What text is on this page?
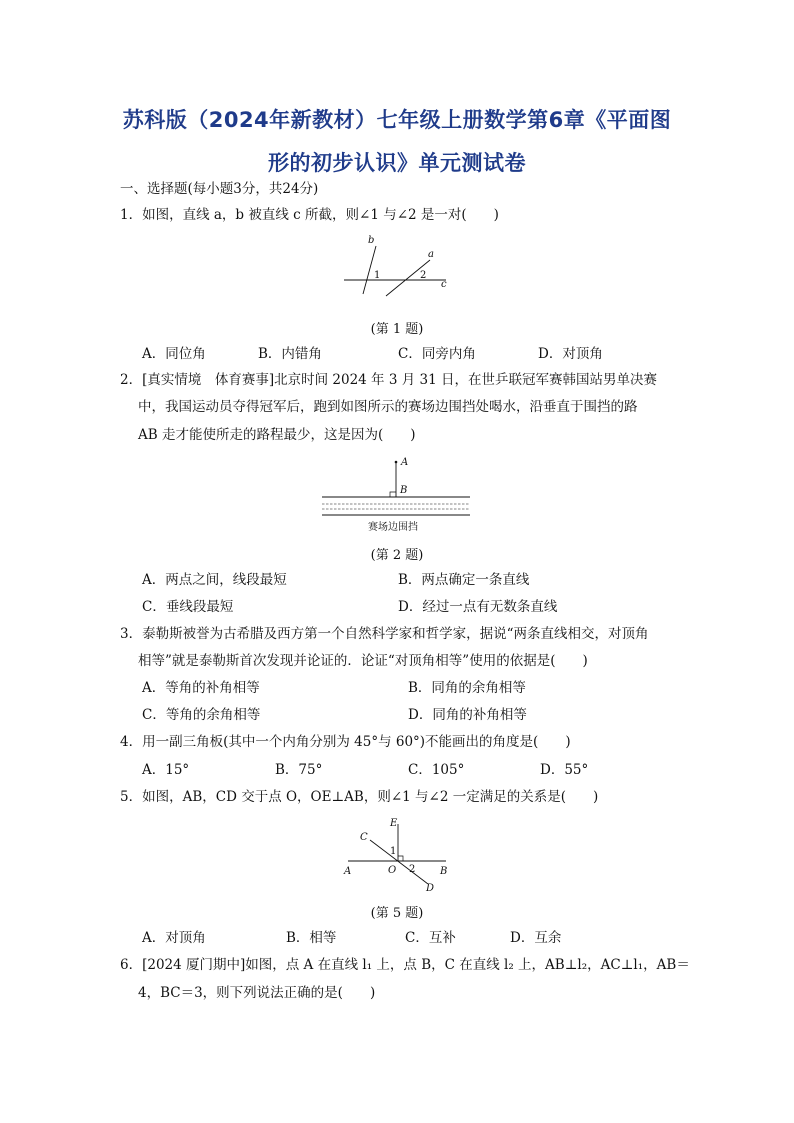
苏科版（2024年新教材）七年级上册数学第6章《平面图
形的初步认识》单元测试卷
一、选择题(每小题3分，共24分)
1．如图，直线 a，b 被直线 c 所截，则∠1 与∠2 是一对(　　)
b
a
c
1	2
(第 1 题)
A．同位角	B．内错角	C．同旁内角	D．对顶角
2．[真实情境　体育赛事]北京时间 2024 年 3 月 31 日，在世乒联冠军赛韩国站男单决赛
中，我国运动员夺得冠军后，跑到如图所示的赛场边围挡处喝水，沿垂直于围挡的路
AB 走才能使所走的路程最少，这是因为(　　)
A
B
赛场边围挡
(第 2 题)
A．两点之间，线段最短	B．两点确定一条直线
C．垂线段最短	D．经过一点有无数条直线
3．泰勒斯被誉为古希腊及西方第一个自然科学家和哲学家，据说“两条直线相交，对顶角
相等”就是泰勒斯首次发现并论证的．论证“对顶角相等”使用的依据是(　　)
A．等角的补角相等	B．同角的余角相等
C．等角的余角相等	D．同角的补角相等
4．用一副三角板(其中一个内角分别为 45°与 60°)不能画出的角度是(　　)
A．15°	B．75°	C．105°	D．55°
5．如图，AB，CD 交于点 O，OE⊥AB，则∠1 与∠2 一定满足的关系是(　　)
E
C
A	B
O
D
1
2
(第 5 题)
A．对顶角	B．相等	C．互补	D．互余
6．[2024 厦门期中]如图，点 A 在直线 l₁ 上，点 B，C 在直线 l₂ 上，AB⊥l₂，AC⊥l₁，AB＝
4，BC＝3，则下列说法正确的是(　　)
